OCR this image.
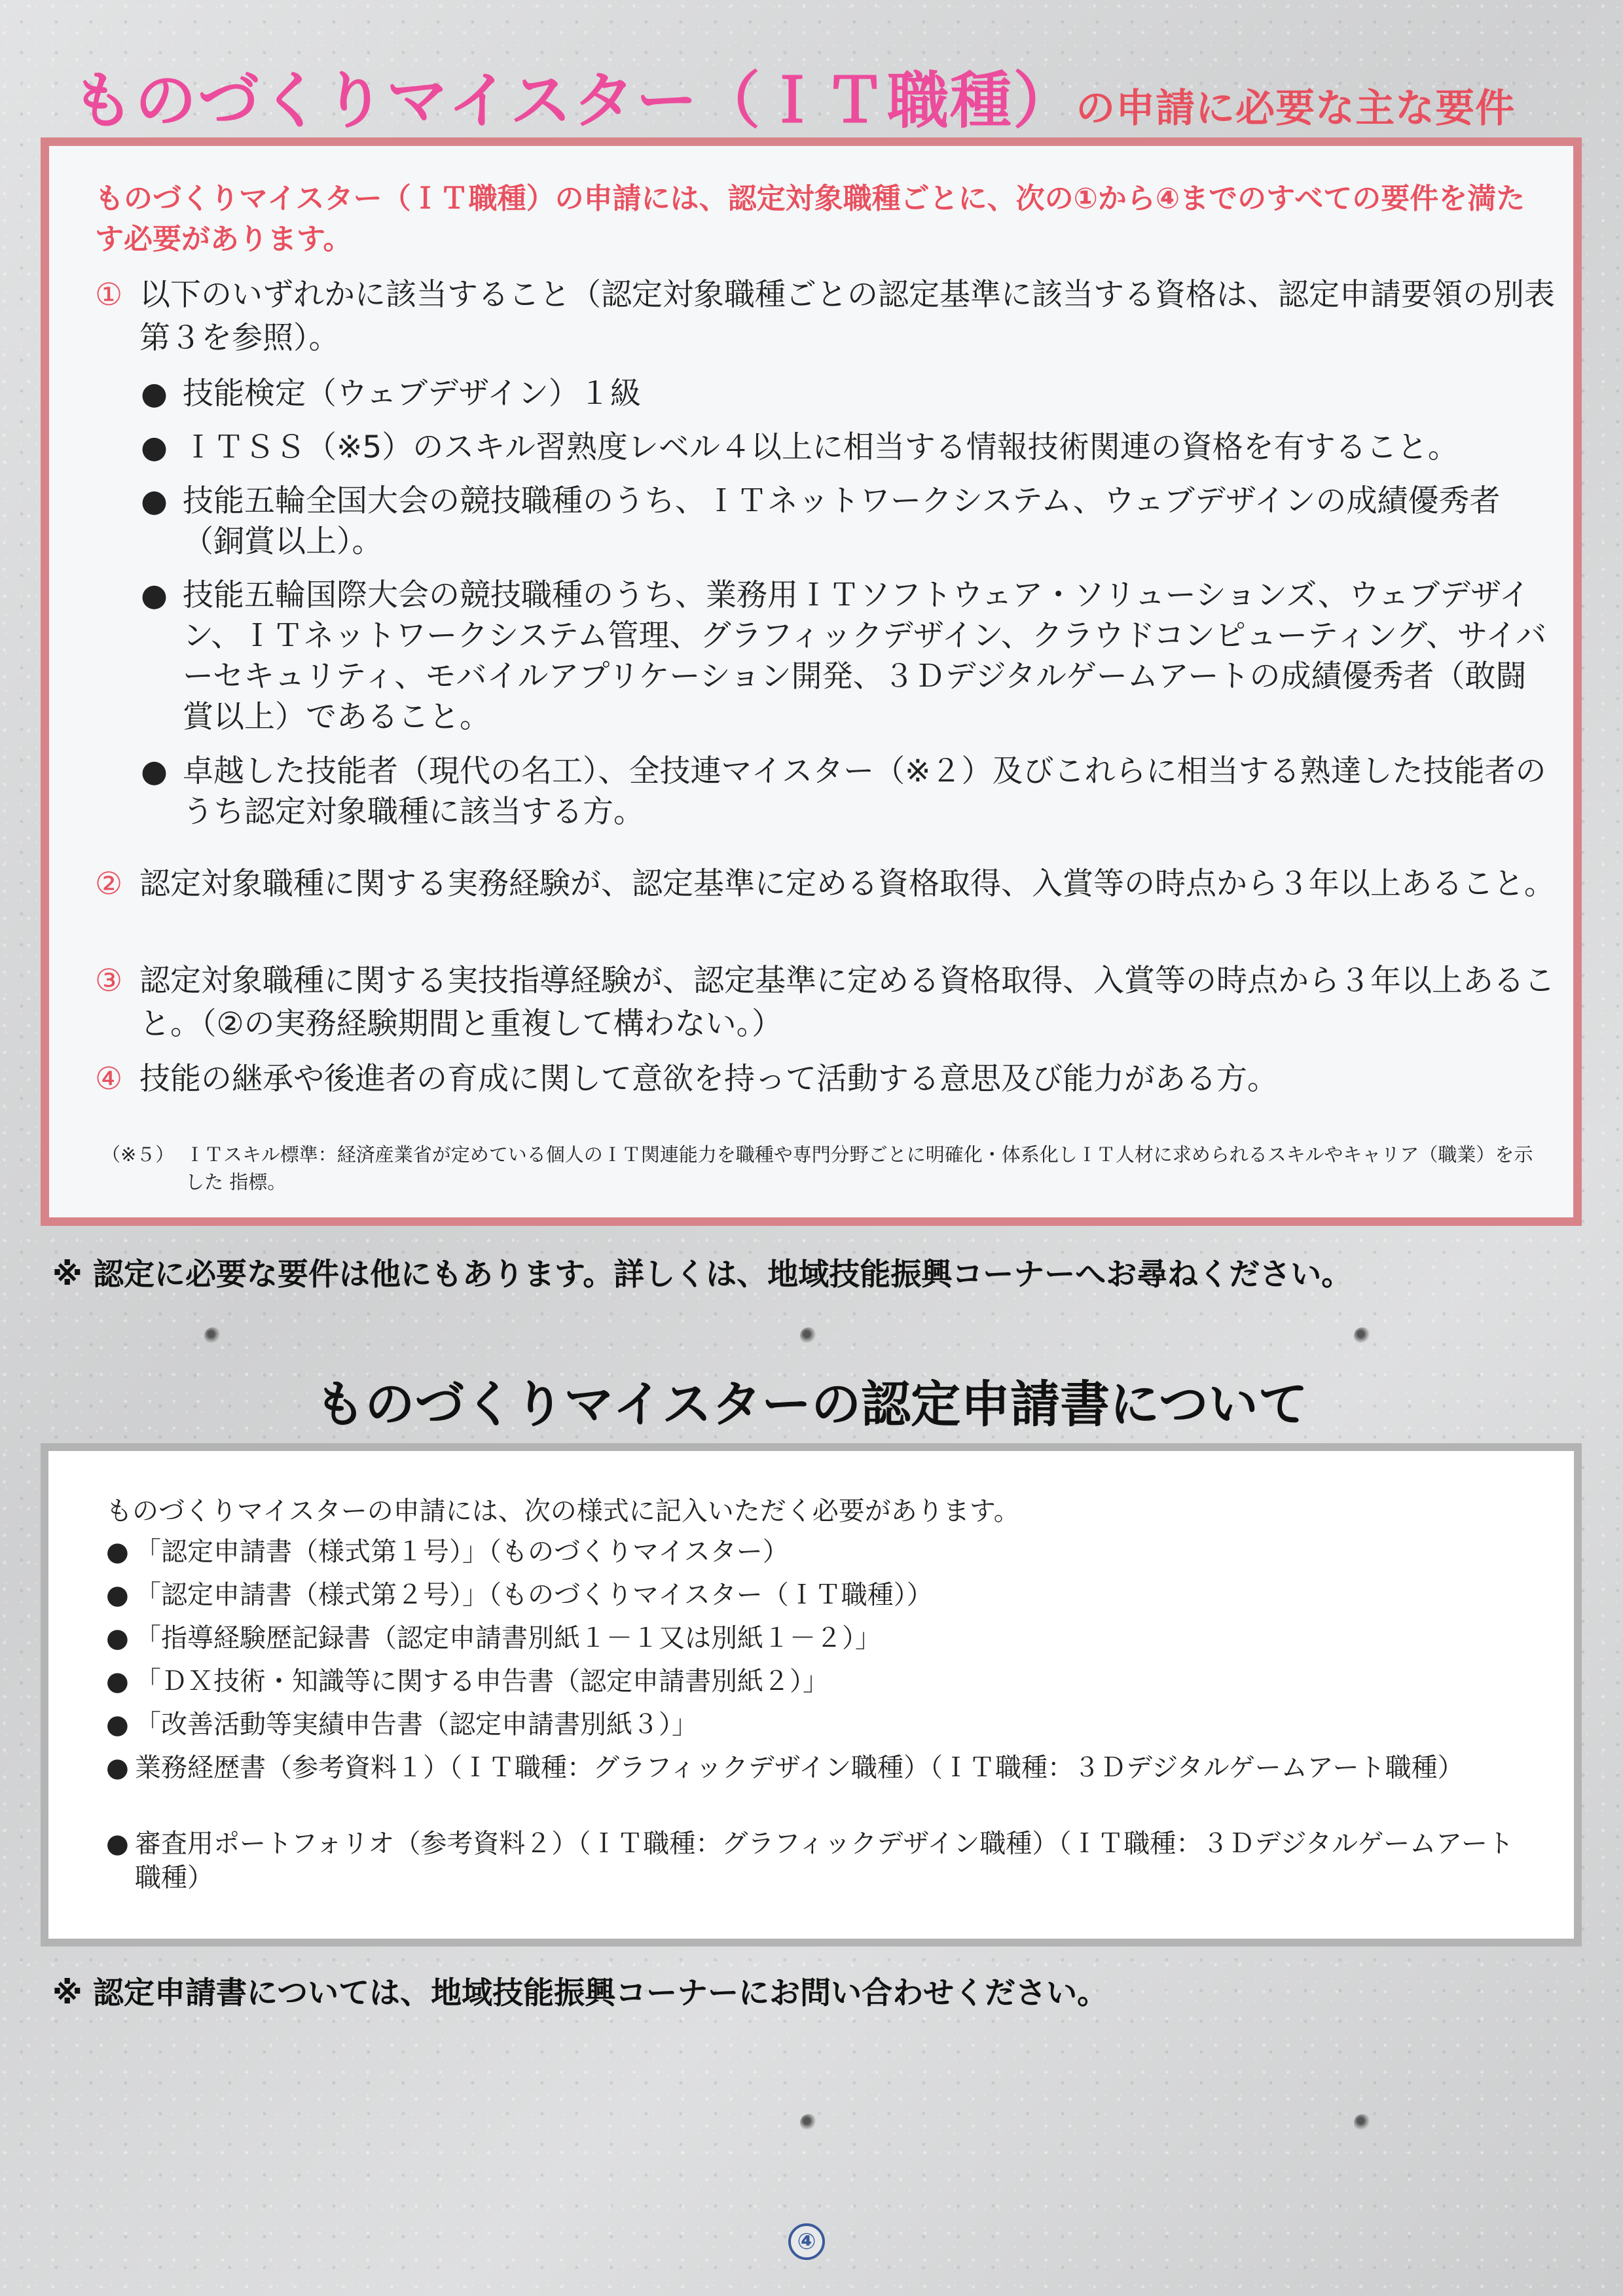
ものづくりマイスター（ＩＴ職種）の申請に必要な主な要件

ものづくりマイスター（ＩＴ職種）の申請には、認定対象職種ごとに、次の①から④までのすべての要件を満たす必要があります。

① 以下のいずれかに該当すること（認定対象職種ごとの認定基準に該当する資格は、認定申請要領の別表第３を参照）。
● 技能検定（ウェブデザイン）１級
● ＩＴＳＳ（※5）のスキル習熟度レベル４以上に相当する情報技術関連の資格を有すること。
● 技能五輪全国大会の競技職種のうち、ＩＴネットワークシステム、ウェブデザインの成績優秀者（銅賞以上）。
● 技能五輪国際大会の競技職種のうち、業務用ＩＴソフトウェア・ソリューションズ、ウェブデザイン、ＩＴネットワークシステム管理、グラフィックデザイン、クラウドコンピューティング、サイバーセキュリティ、モバイルアプリケーション開発、３Ｄデジタルゲームアートの成績優秀者（敢闘賞以上）であること。
● 卓越した技能者（現代の名工）、全技連マイスター（※２）及びこれらに相当する熟達した技能者のうち認定対象職種に該当する方。
② 認定対象職種に関する実務経験が、認定基準に定める資格取得、入賞等の時点から３年以上あること。
③ 認定対象職種に関する実技指導経験が、認定基準に定める資格取得、入賞等の時点から３年以上あること。（②の実務経験期間と重複して構わない。）
④ 技能の継承や後進者の育成に関して意欲を持って活動する意思及び能力がある方。
（※５） ＩＴスキル標準：経済産業省が定めている個人のＩＴ関連能力を職種や専門分野ごとに明確化・体系化しＩＴ人材に求められるスキルやキャリア（職業）を示した 指標。
※ 認定に必要な要件は他にもあります。詳しくは、地域技能振興コーナーへお尋ねください。
ものづくりマイスターの認定申請書について
ものづくりマイスターの申請には、次の様式に記入いただく必要があります。
● 「認定申請書（様式第１号）」（ものづくりマイスター）
● 「認定申請書（様式第２号）」（ものづくりマイスター（ＩＴ職種））
● 「指導経験歴記録書（認定申請書別紙１－１又は別紙１－２）」
● 「ＤＸ技術・知識等に関する申告書（認定申請書別紙２）」
● 「改善活動等実績申告書（認定申請書別紙３）」
● 業務経歴書（参考資料１）（ＩＴ職種：グラフィックデザイン職種）（ＩＴ職種：３Ｄデジタルゲームアート職種）
● 審査用ポートフォリオ（参考資料２）（ＩＴ職種：グラフィックデザイン職種）（ＩＴ職種：３Ｄデジタルゲームアート職種）
※ 認定申請書については、地域技能振興コーナーにお問い合わせください。
④
